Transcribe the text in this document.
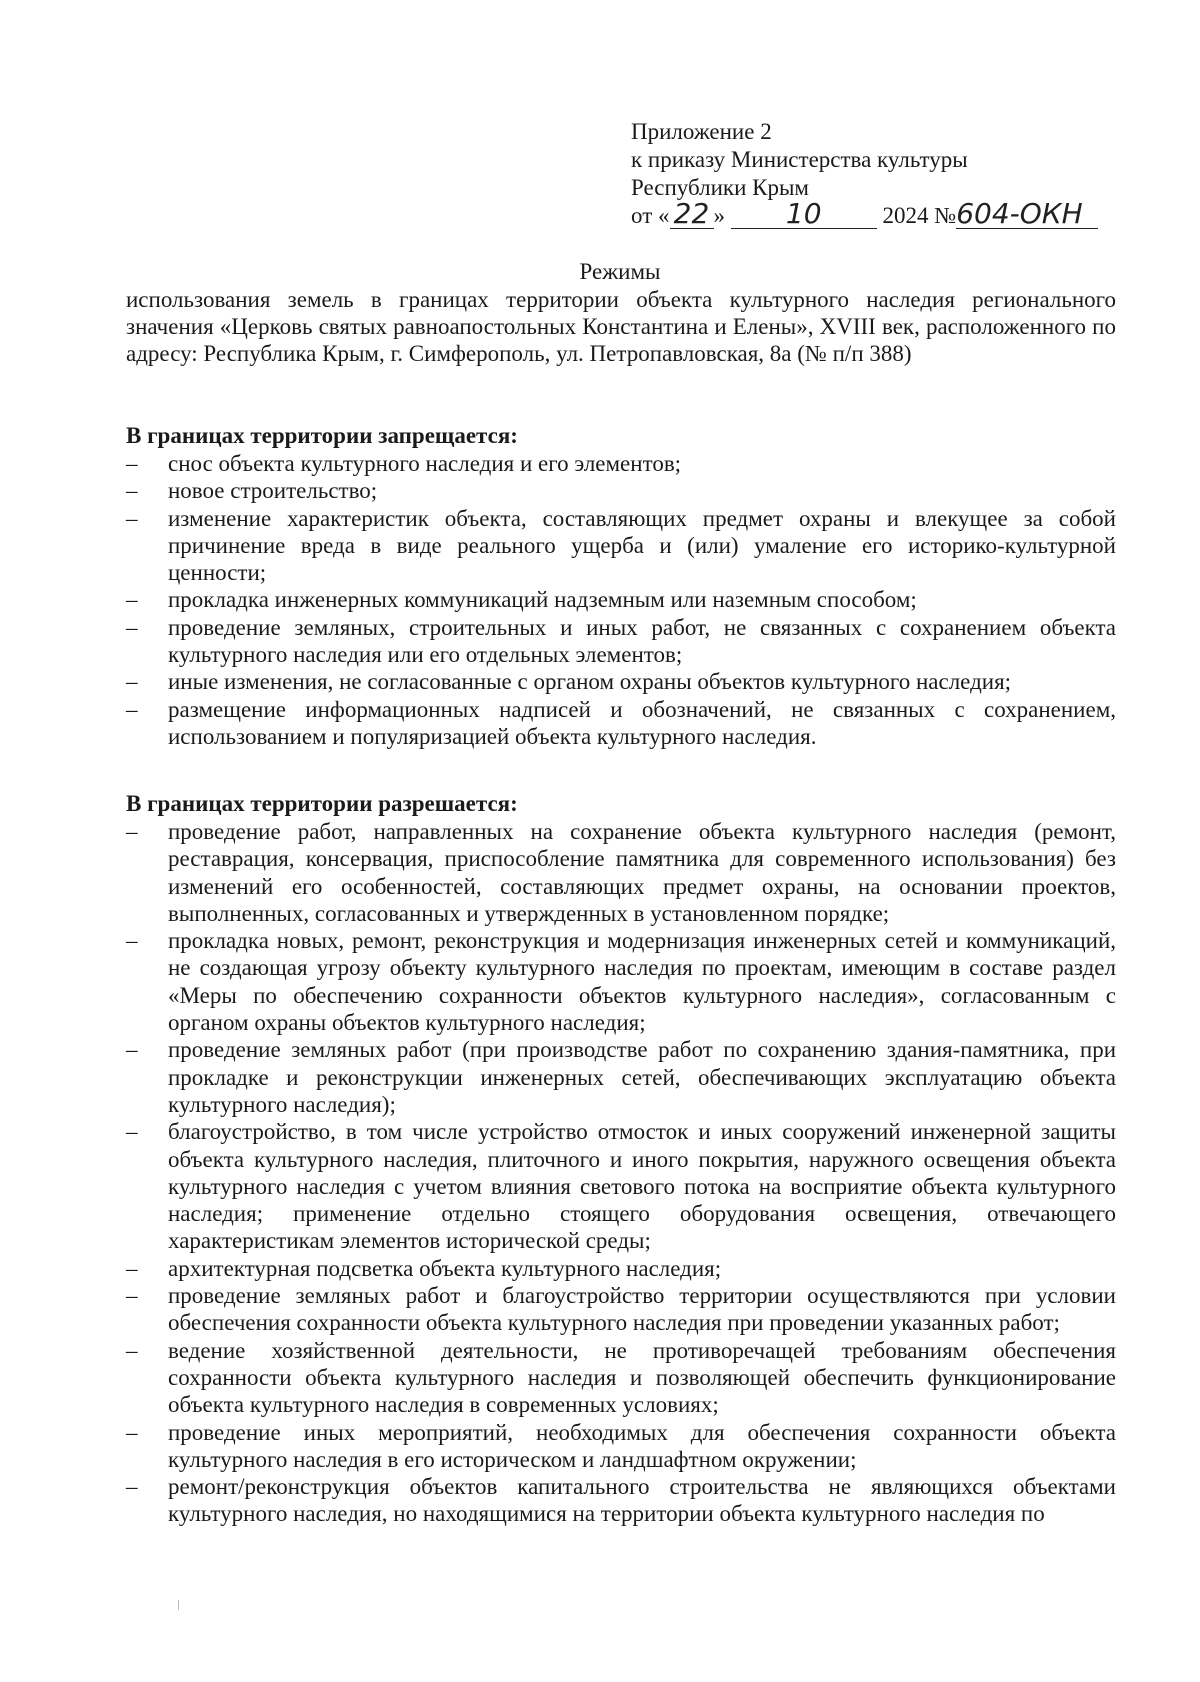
Приложение 2
к приказу Министерства культуры
Республики Крым
от « 22 » 10	2024 №604-ОКН
Режимы
использования земель в границах территории объекта культурного наследия регионального значения «Церковь святых равноапостольных Константина и Елены», XVIII век, расположенного по адресу: Республика Крым, г. Симферополь, ул. Петропавловская, 8а (№ п/п 388)
В границах территории запрещается:
–	снос объекта культурного наследия и его элементов;
–	новое строительство;
–	изменение характеристик объекта, составляющих предмет охраны и влекущее за собой причинение вреда в виде реального ущерба и (или) умаление его историко-культурной ценности;
–	прокладка инженерных коммуникаций надземным или наземным способом;
–	проведение земляных, строительных и иных работ, не связанных с сохранением объекта культурного наследия или его отдельных элементов;
–	иные изменения, не согласованные с органом охраны объектов культурного наследия;
–	размещение информационных надписей и обозначений, не связанных с сохранением, использованием и популяризацией объекта культурного наследия.
В границах территории разрешается:
–	проведение работ, направленных на сохранение объекта культурного наследия (ремонт, реставрация, консервация, приспособление памятника для современного использования) без изменений его особенностей, составляющих предмет охраны, на основании проектов, выполненных, согласованных и утвержденных в установленном порядке;
–	прокладка новых, ремонт, реконструкция и модернизация инженерных сетей и коммуникаций, не создающая угрозу объекту культурного наследия по проектам, имеющим в составе раздел «Меры по обеспечению сохранности объектов культурного наследия», согласованным с органом охраны объектов культурного наследия;
–	проведение земляных работ (при производстве работ по сохранению здания-памятника, при прокладке и реконструкции инженерных сетей, обеспечивающих эксплуатацию объекта культурного наследия);
–	благоустройство, в том числе устройство отмосток и иных сооружений инженерной защиты объекта культурного наследия, плиточного и иного покрытия, наружного освещения объекта культурного наследия с учетом влияния светового потока на восприятие объекта культурного наследия; применение отдельно стоящего оборудования освещения, отвечающего характеристикам элементов исторической среды;
–	архитектурная подсветка объекта культурного наследия;
–	проведение земляных работ и благоустройство территории осуществляются при условии обеспечения сохранности объекта культурного наследия при проведении указанных работ;
–	ведение хозяйственной деятельности, не противоречащей требованиям обеспечения сохранности объекта культурного наследия и позволяющей обеспечить функционирование объекта культурного наследия в современных условиях;
–	проведение иных мероприятий, необходимых для обеспечения сохранности объекта культурного наследия в его историческом и ландшафтном окружении;
–	ремонт/реконструкция объектов капитального строительства не являющихся объектами культурного наследия, но находящимися на территории объекта культурного наследия по
